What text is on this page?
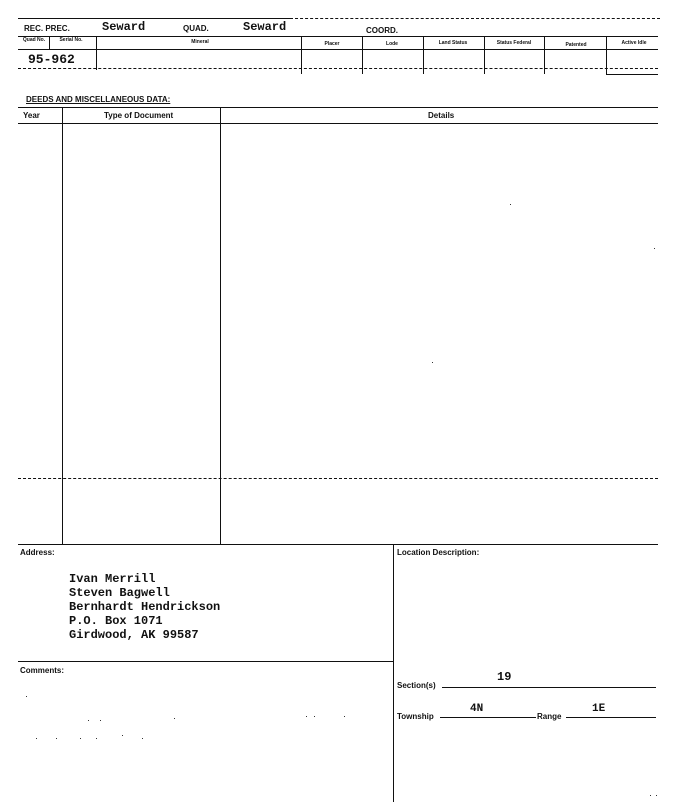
REC. PREC.	Seward	QUAD.	Seward	COORD.
Quad No.	Serial No.	Mineral	Placer	Lode	Land Status	Status Federal	Patented	Active Idle
95-962
DEEDS AND MISCELLANEOUS DATA:
Year	Type of Document	Details
Address:
Ivan Merrill
Steven Bagwell
Bernhardt Hendrickson
P.O. Box 1071
Girdwood, AK 99587
Location Description:
Section(s)
19
Township
4N
Range
1E
Comments:
